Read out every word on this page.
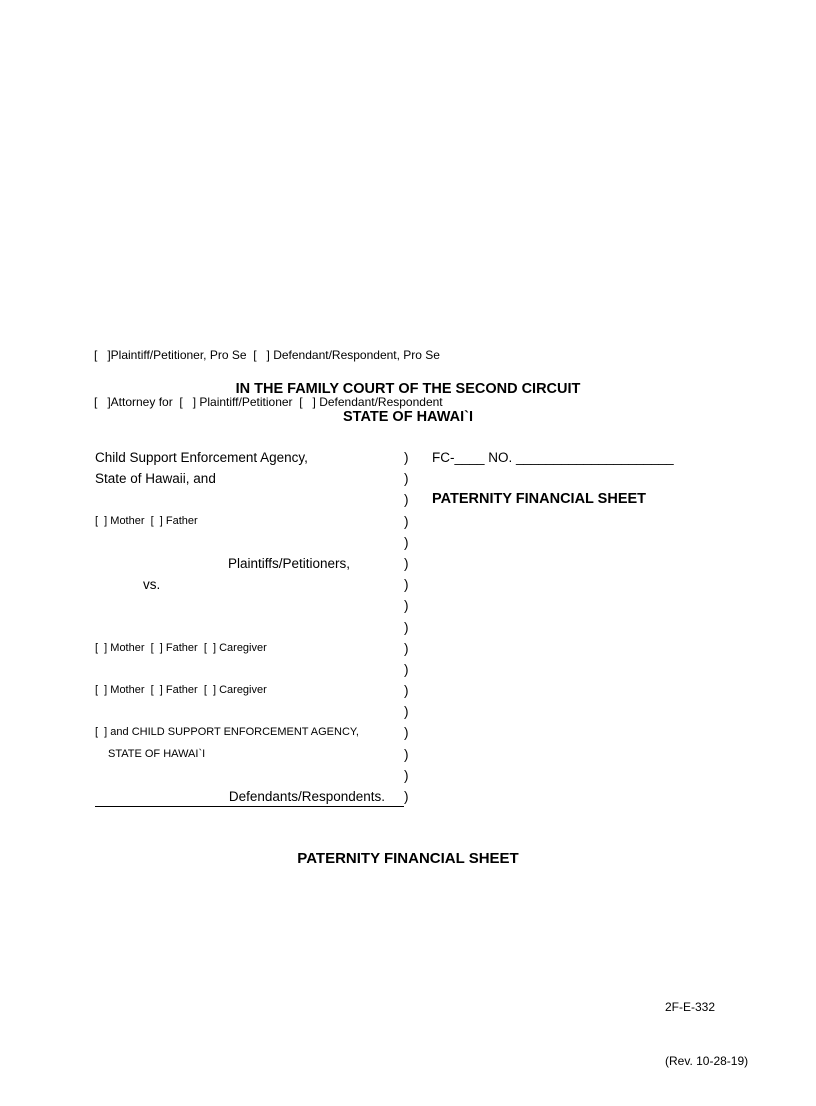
[   ]Plaintiff/Petitioner, Pro Se  [   ] Defendant/Respondent, Pro Se

[   ]Attorney for  [   ] Plaintiff/Petitioner  [   ] Defendant/Respondent

IN THE FAMILY COURT OF THE SECOND CIRCUIT
STATE OF HAWAI`I
Child Support Enforcement Agency,
State of Hawaii, and
[  ] Mother  [  ] Father
Plaintiffs/Petitioners,
vs.
[  ] Mother  [  ] Father  [  ] Caregiver
[  ] Mother  [  ] Father  [  ] Caregiver
[  ] and CHILD SUPPORT ENFORCEMENT AGENCY,
STATE OF HAWAI`I
Defendants/Respondents.
)
)
)
)
)
)
)
)
)
)
)
)
)
)
)
)
)
FC-____ NO. _____________________
PATERNITY FINANCIAL SHEET
PATERNITY FINANCIAL SHEET

2F-E-332

(Rev. 10-28-19)
